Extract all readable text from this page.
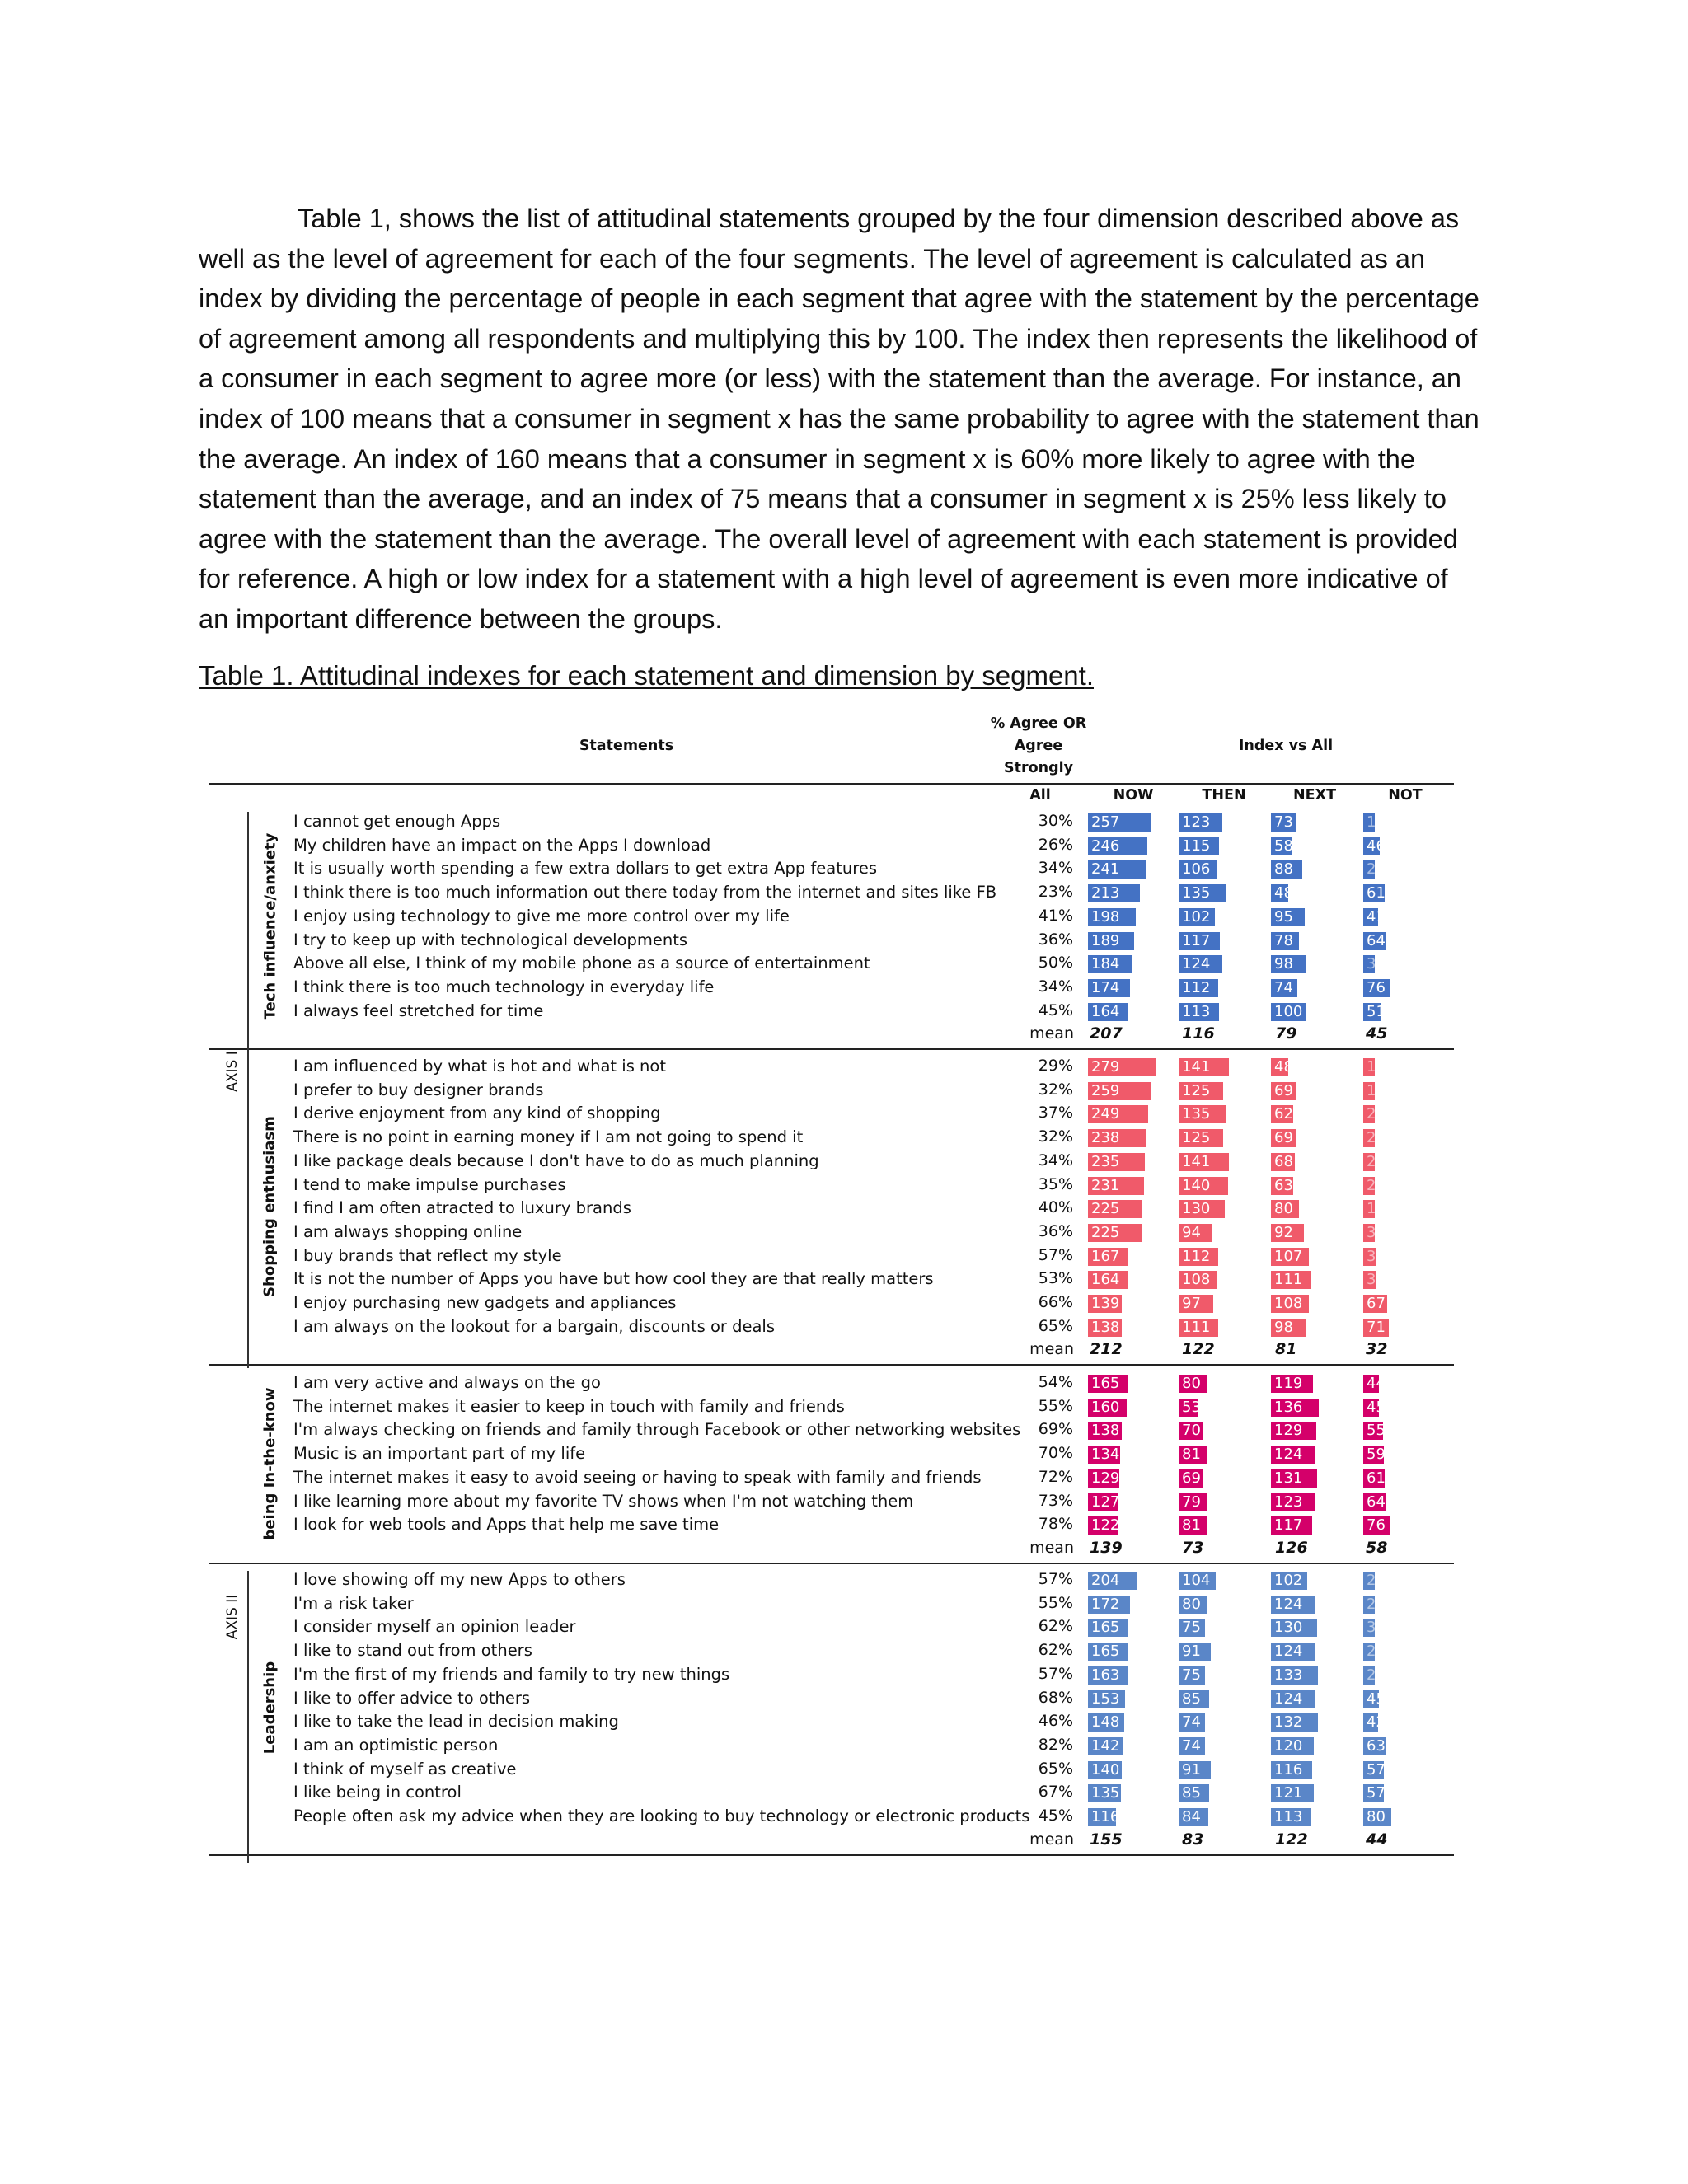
Table 1, shows the list of attitudinal statements grouped by the four dimension described above as well as the level of agreement for each of the four segments. The level of agreement is calculated as an index by dividing the percentage of people in each segment that agree with the statement by the percentage of agreement among all respondents and multiplying this by 100. The index then represents the likelihood of a consumer in each segment to agree more (or less) with the statement than the average. For instance, an index of 100 means that a consumer in segment x has the same probability to agree with the statement than the average. An index of 160 means that a consumer in segment x is 60% more likely to agree with the statement than the average, and an index of 75 means that a consumer in segment x is 25% less likely to agree with the statement than the average. The overall level of agreement with each statement is provided for reference. A high or low index for a statement with a high level of agreement is even more indicative of an important difference between the groups.
Table 1. Attitudinal indexes for each statement and dimension by segment.
Statements
% Agree OR
Agree
Strongly
Index vs All
All	NOW	THEN	NEXT	NOT
I cannot get enough Apps	30% 257	123	73	13
My children have an impact on the Apps I download	26% 246	115	58	46
It is usually worth spending a few extra dollars to get extra App features	34% 241	106	88	21
I think there is too much information out there today from the internet and sites like FB	23% 213	135	48	61
I enjoy using technology to give me more control over my life	41% 198	102	95	41
I try to keep up with technological developments	36% 189	117	78	64
Above all else, I think of my mobile phone as a source of entertainment	50% 184	124	98	31
I think there is too much technology in everyday life	34% 174	112	74	76
I always feel stretched for time	45% 164	113	100	51
mean 207	116	79	45
Tech influence/anxiety
I am influenced by what is hot and what is not	29% 279	141	48	10
I prefer to buy designer brands	32% 259	125	69	12
I derive enjoyment from any kind of shopping	37% 249	135	62	24
There is no point in earning money if I am not going to spend it	32% 238	125	69	26
I like package deals because I don't have to do as much planning	34% 235	141	68	26
I tend to make impulse purchases	35% 231	140	63	26
I find I am often atracted to luxury brands	40% 225	130	80	15
I am always shopping online	36% 225	94	92	31
I buy brands that reflect my style	57% 167	112	107	37
It is not the number of Apps you have but how cool they are that really matters	53% 164	108	111	35
I enjoy purchasing new gadgets and appliances	66% 139	97	108	67
I am always on the lookout for a bargain, discounts or deals	65% 138	111	98	71
mean 212	122	81	32
Shopping enthusiasm
I am very active and always on the go	54% 165	80	119	44
The internet makes it easier to keep in touch with family and friends	55% 160	53	136	45
I'm always checking on friends and family through Facebook or other networking websites	69% 138	70	129	55
Music is an important part of my life	70% 134	81	124	59
The internet makes it easy to avoid seeing or having to speak with family and friends	72% 129	69	131	61
I like learning more about my favorite TV shows when I'm not watching them	73% 127	79	123	64
I look for web tools and Apps that help me save time	78% 122	81	117	76
mean 139	73	126	58
being In-the-know
I love showing off my new Apps to others	57% 204	104	102	22
I'm a risk taker	55% 172	80	124	25
I consider myself an opinion leader	62% 165	75	130	30
I like to stand out from others	62% 165	91	124	27
I'm the first of my friends and family to try new things	57% 163	75	133	24
I like to offer advice to others	68% 153	85	124	45
I like to take the lead in decision making	46% 148	74	132	42
I am an optimistic person	82% 142	74	120	63
I think of myself as creative	65% 140	91	116	57
I like being in control	67% 135	85	121	57
People often ask my advice when they are looking to buy technology or electronic products 45% 116	84	113	80
mean 155	83	122	44
Leadership
AXIS I
AXIS II
